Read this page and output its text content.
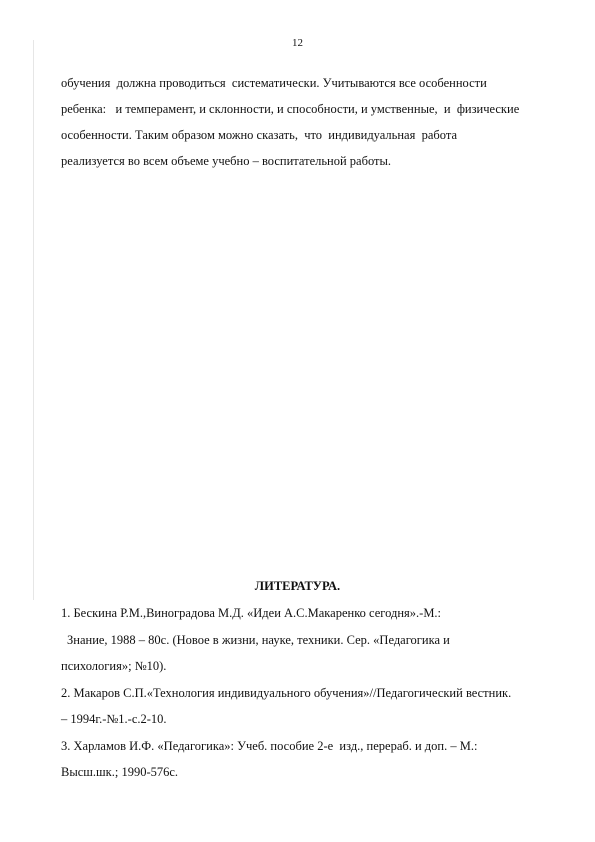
12
обучения  должна проводиться  систематически. Учитываются все особенности
ребенка:   и темперамент, и склонности, и способности, и умственные,  и  физические
особенности. Таким образом можно сказать,  что  индивидуальная  работа
реализуется во всем объеме учебно – воспитательной работы.
ЛИТЕРАТУРА.
1. Бескина Р.М.,Виноградова М.Д. «Идеи А.С.Макаренко сегодня».-М.:
Знание, 1988 – 80с. (Новое в жизни, науке, техники. Сер. «Педагогика и
психология»; №10).
2. Макаров С.П.«Технология индивидуального обучения»//Педагогический вестник.
– 1994г.-№1.-с.2-10.
3. Харламов И.Ф. «Педагогика»: Учеб. пособие 2-е  изд., перераб. и доп. – М.:
Высш.шк.; 1990-576с.
